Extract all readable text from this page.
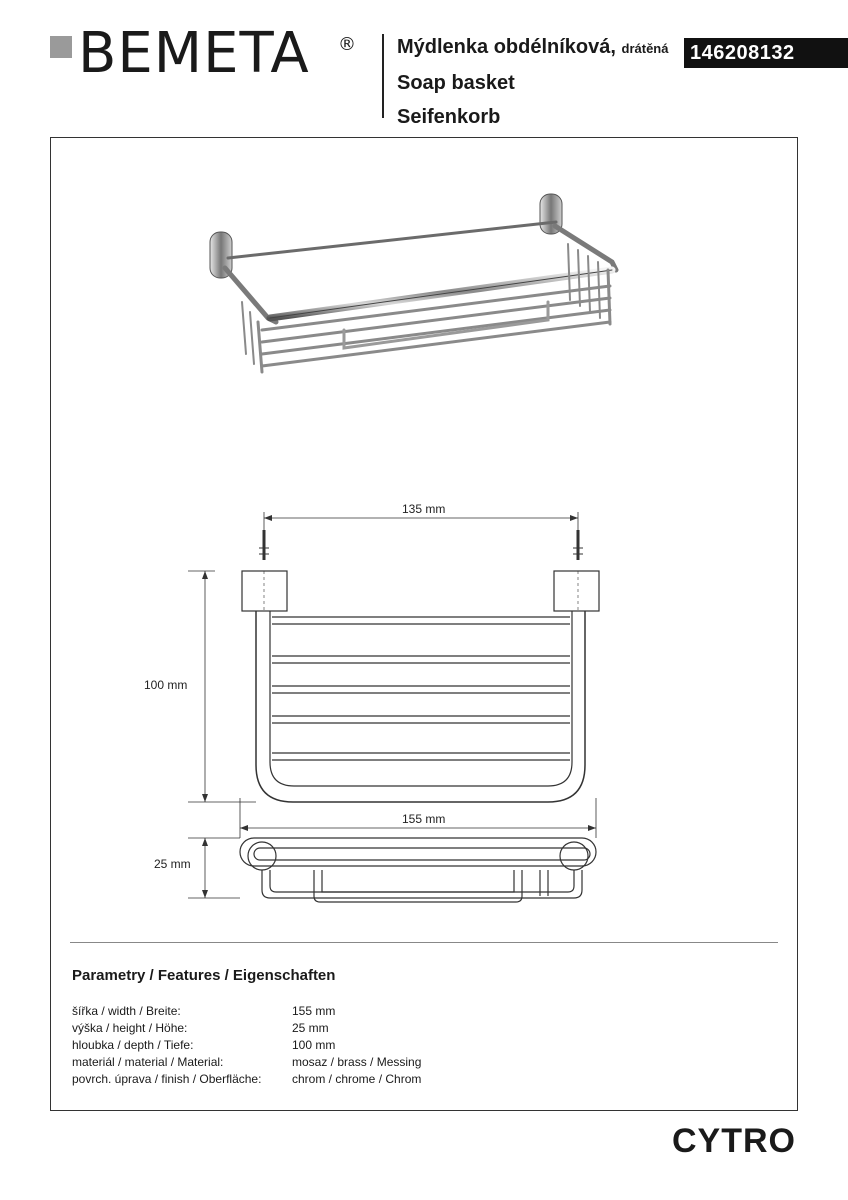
BEMETA ® Mýdlenka obdélníková, drátěná
Soap basket
Seifenkorb
146208132
135 mm
100 mm
155 mm
25 mm
Parametry / Features / Eigenschaften
šířka / width / Breite:	155 mm
výška / height / Höhe:	25 mm
hloubka / depth / Tiefe:	100 mm
materiál / material / Material:	mosaz / brass / Messing
povrch. úprava / finish / Oberfläche:	chrom / chrome / Chrom
CYTRO
